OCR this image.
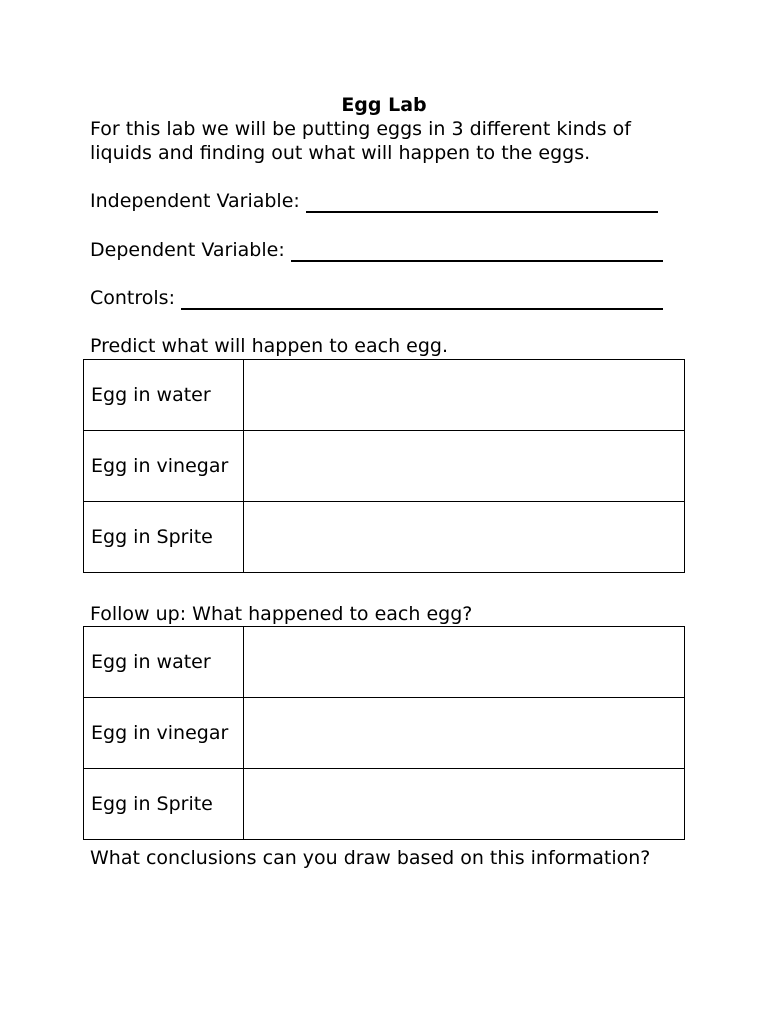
Egg Lab
For this lab we will be putting eggs in 3 different kinds of liquids and finding out what will happen to the eggs.
Independent Variable:
Dependent Variable:
Controls:
Predict what will happen to each egg.
Egg in water	
Egg in vinegar	
Egg in Sprite	
Follow up: What happened to each egg?
Egg in water	
Egg in vinegar	
Egg in Sprite	
What conclusions can you draw based on this information?
